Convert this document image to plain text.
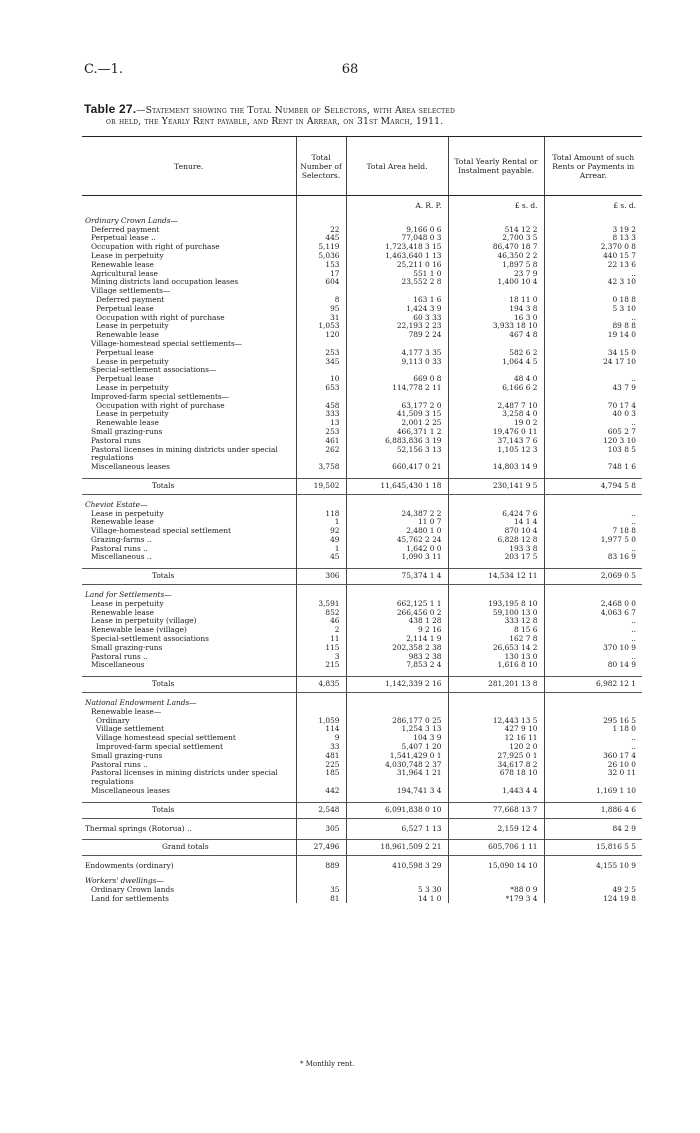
C.—1.	68
Table 27.—Statement showing the Total Number of Selectors, with Area selected
or held, the Yearly Rent payable, and Rent in Arrear, on 31st March, 1911.
Tenure.	Total Number of Selectors.	Total Area held.	Total Yearly Rental or Instalment payable.	Total Amount of such Rents or Payments in Arrear.

		A. R. P.	£ s. d.	£ s. d.

Ordinary Crown Lands—				
Deferred payment	22	9,166 0 6	514 12 2	3 19 2
Perpetual lease ..	445	77,048 0 3	2,700 3 5	8 13 3
Occupation with right of purchase	5,119	1,723,418 3 15	86,470 18 7	2,370 0 8
Lease in perpetuity	5,036	1,463,640 1 13	46,350 2 2	440 15 7
Renewable lease	153	25,211 0 16	1,897 5 8	22 13 6
Agricultural lease	17	551 1 0	23 7 9	..
Mining districts land occupation leases	604	23,552 2 8	1,400 10 4	42 3 10
Village settlements—				
Deferred payment	8	163 1 6	18 11 0	0 18 8
Perpetual lease	95	1,424 3 9	194 3 8	5 3 10
Occupation with right of purchase	31	60 3 33	16 3 0	..
Lease in perpetuity	1,053	22,193 2 23	3,933 18 10	89 8 8
Renewable lease	120	789 2 24	467 4 8	19 14 0
Village-homestead special settlements—				
Perpetual lease	253	4,177 3 35	582 6 2	34 15 0
Lease in perpetuity	345	9,113 0 33	1,064 4 5	24 17 10
Special-settlement associations—				
Perpetual lease	10	669 0 8	48 4 0	..
Lease in perpetuity	653	114,778 2 11	6,166 6 2	43 7 9
Improved-farm special settlements—				
Occupation with right of purchase	458	63,177 2 0	2,487 7 10	70 17 4
Lease in perpetuity	333	41,509 3 15	3,258 4 0	40 0 3
Renewable lease	13	2,001 2 25	19 0 2	..
Small grazing-runs	253	466,371 1 2	19,476 0 11	605 2 7
Pastoral runs	461	6,883,836 3 19	37,143 7 6	120 3 10
Pastoral licenses in mining districts under special regulations	262	52,156 3 13	1,105 12 3	103 8 5
Miscellaneous leases	3,758	660,417 0 21	14,803 14 9	748 1 6

Totals	19,502	11,645,430 1 18	230,141 9 5	4,794 5 8

Cheviot Estate—				
Lease in perpetuity	118	24,387 2 2	6,424 7 6	..
Renewable lease	1	11 0 7	14 1 4	..
Village-homestead special settlement	92	2,480 1 0	870 10 4	7 18 8
Grazing-farms ..	49	45,762 2 24	6,828 12 8	1,977 5 0
Pastoral runs ..	1	1,642 0 0	193 3 8	..
Miscellaneous ..	45	1,090 3 11	203 17 5	83 16 9

Totals	306	75,374 1 4	14,534 12 11	2,069 0 5

Land for Settlements—				
Lease in perpetuity	3,591	662,125 1 1	193,195 8 10	2,468 0 0
Renewable lease	852	266,456 0 2	59,100 13 0	4,063 6 7
Lease in perpetuity (village)	46	438 1 28	333 12 8	..
Renewable lease (village)	2	9 2 16	8 15 6	..
Special-settlement associations	11	2,114 1 9	162 7 8	..
Small grazing-runs	115	202,358 2 38	26,653 14 2	370 10 9
Pastoral runs ..	3	983 2 38	130 13 0	..
Miscellaneous	215	7,853 2 4	1,616 8 10	80 14 9

Totals	4,835	1,142,339 2 16	281,201 13 8	6,982 12 1

National Endowment Lands—				
Renewable lease—				
Ordinary	1,059	286,177 0 25	12,443 13 5	295 16 5
Village settlement	114	1,254 3 13	427 9 10	1 18 0
Village homestead special settlement	9	104 3 9	12 16 11	..
Improved-farm special settlement	33	5,407 1 20	120 2 0	..
Small grazing-runs	481	1,541,429 0 1	27,925 0 1	360 17 4
Pastoral runs ..	225	4,030,748 2 37	34,617 8 2	26 10 0
Pastoral licenses in mining districts under special regulations	185	31,964 1 21	678 18 10	32 0 11
Miscellaneous leases	442	194,741 3 4	1,443 4 4	1,169 1 10

Totals	2,548	6,091,838 0 10	77,668 13 7	1,886 4 6

Thermal springs (Rotorua) ..	305	6,527 1 13	2,159 12 4	84 2 9

Grand totals	27,496	18,961,509 2 21	605,706 1 11	15,816 5 5

Endowments (ordinary)	889	410,598 3 29	15,090 14 10	4,155 10 9

Workers' dwellings—				
Ordinary Crown lands	35	5 3 30	*88 0 9	49 2 5
Land for settlements	81	14 1 0	*179 3 4	124 19 8
* Monthly rent.
